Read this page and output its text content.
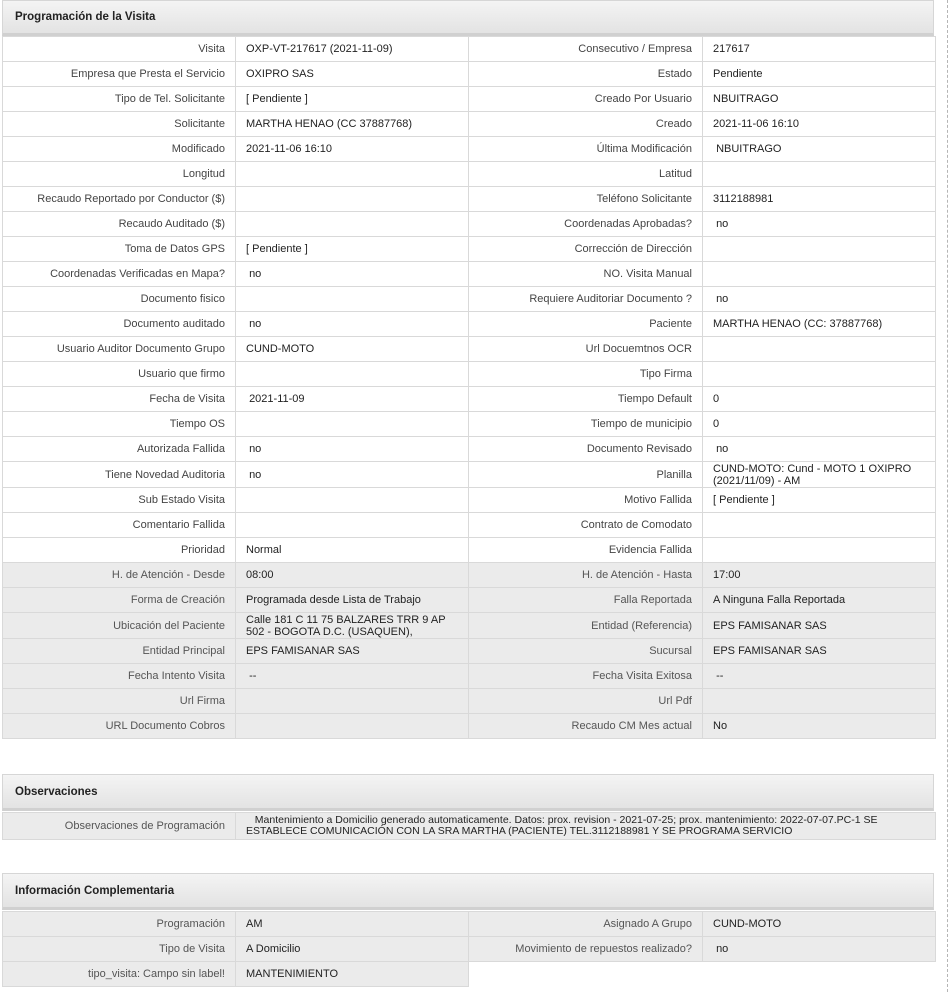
Programación de la Visita
Visita	OXP-VT-217617 (2021-11-09)	Consecutivo / Empresa	217617
Empresa que Presta el Servicio	OXIPRO SAS	Estado	Pendiente
Tipo de Tel. Solicitante	[ Pendiente ]	Creado Por Usuario	NBUITRAGO
Solicitante	MARTHA HENAO (CC 37887768)	Creado	2021-11-06 16:10
Modificado	2021-11-06 16:10	Última Modificación	NBUITRAGO
Longitud		Latitud	
Recaudo Reportado por Conductor ($)		Teléfono Solicitante	3112188981
Recaudo Auditado ($)		Coordenadas Aprobadas?	no
Toma de Datos GPS	[ Pendiente ]	Corrección de Dirección	
Coordenadas Verificadas en Mapa?	no	NO. Visita Manual	
Documento fisico		Requiere Auditoriar Documento ?	no
Documento auditado	no	Paciente	MARTHA HENAO (CC: 37887768)
Usuario Auditor Documento Grupo	CUND-MOTO	Url Docuemtnos OCR	
Usuario que firmo		Tipo Firma	
Fecha de Visita	2021-11-09	Tiempo Default	0
Tiempo OS		Tiempo de municipio	0
Autorizada Fallida	no	Documento Revisado	no
Tiene Novedad Auditoria	no	Planilla	CUND-MOTO: Cund - MOTO 1 OXIPRO (2021/11/09) - AM
Sub Estado Visita		Motivo Fallida	[ Pendiente ]
Comentario Fallida		Contrato de Comodato	
Prioridad	Normal	Evidencia Fallida	
H. de Atención - Desde	08:00	H. de Atención - Hasta	17:00
Forma de Creación	Programada desde Lista de Trabajo	Falla Reportada	A Ninguna Falla Reportada
Ubicación del Paciente	Calle 181 C 11 75 BALZARES TRR 9 AP 502 - BOGOTA D.C. (USAQUEN),	Entidad (Referencia)	EPS FAMISANAR SAS
Entidad Principal	EPS FAMISANAR SAS	Sucursal	EPS FAMISANAR SAS
Fecha Intento Visita	--	Fecha Visita Exitosa	--
Url Firma		Url Pdf	
URL Documento Cobros		Recaudo CM Mes actual	No
Observaciones
Observaciones de Programación	Mantenimiento a Domicilio generado automaticamente. Datos: prox. revision - 2021-07-25; prox. mantenimiento: 2022-07-07.PC-1 SE ESTABLECE COMUNICACIÓN CON LA SRA MARTHA (PACIENTE) TEL.3112188981 Y SE PROGRAMA SERVICIO
Información Complementaria
Programación	AM	Asignado A Grupo	CUND-MOTO
Tipo de Visita	A Domicilio	Movimiento de repuestos realizado?	no
tipo_visita: Campo sin label!	MANTENIMIENTO		
